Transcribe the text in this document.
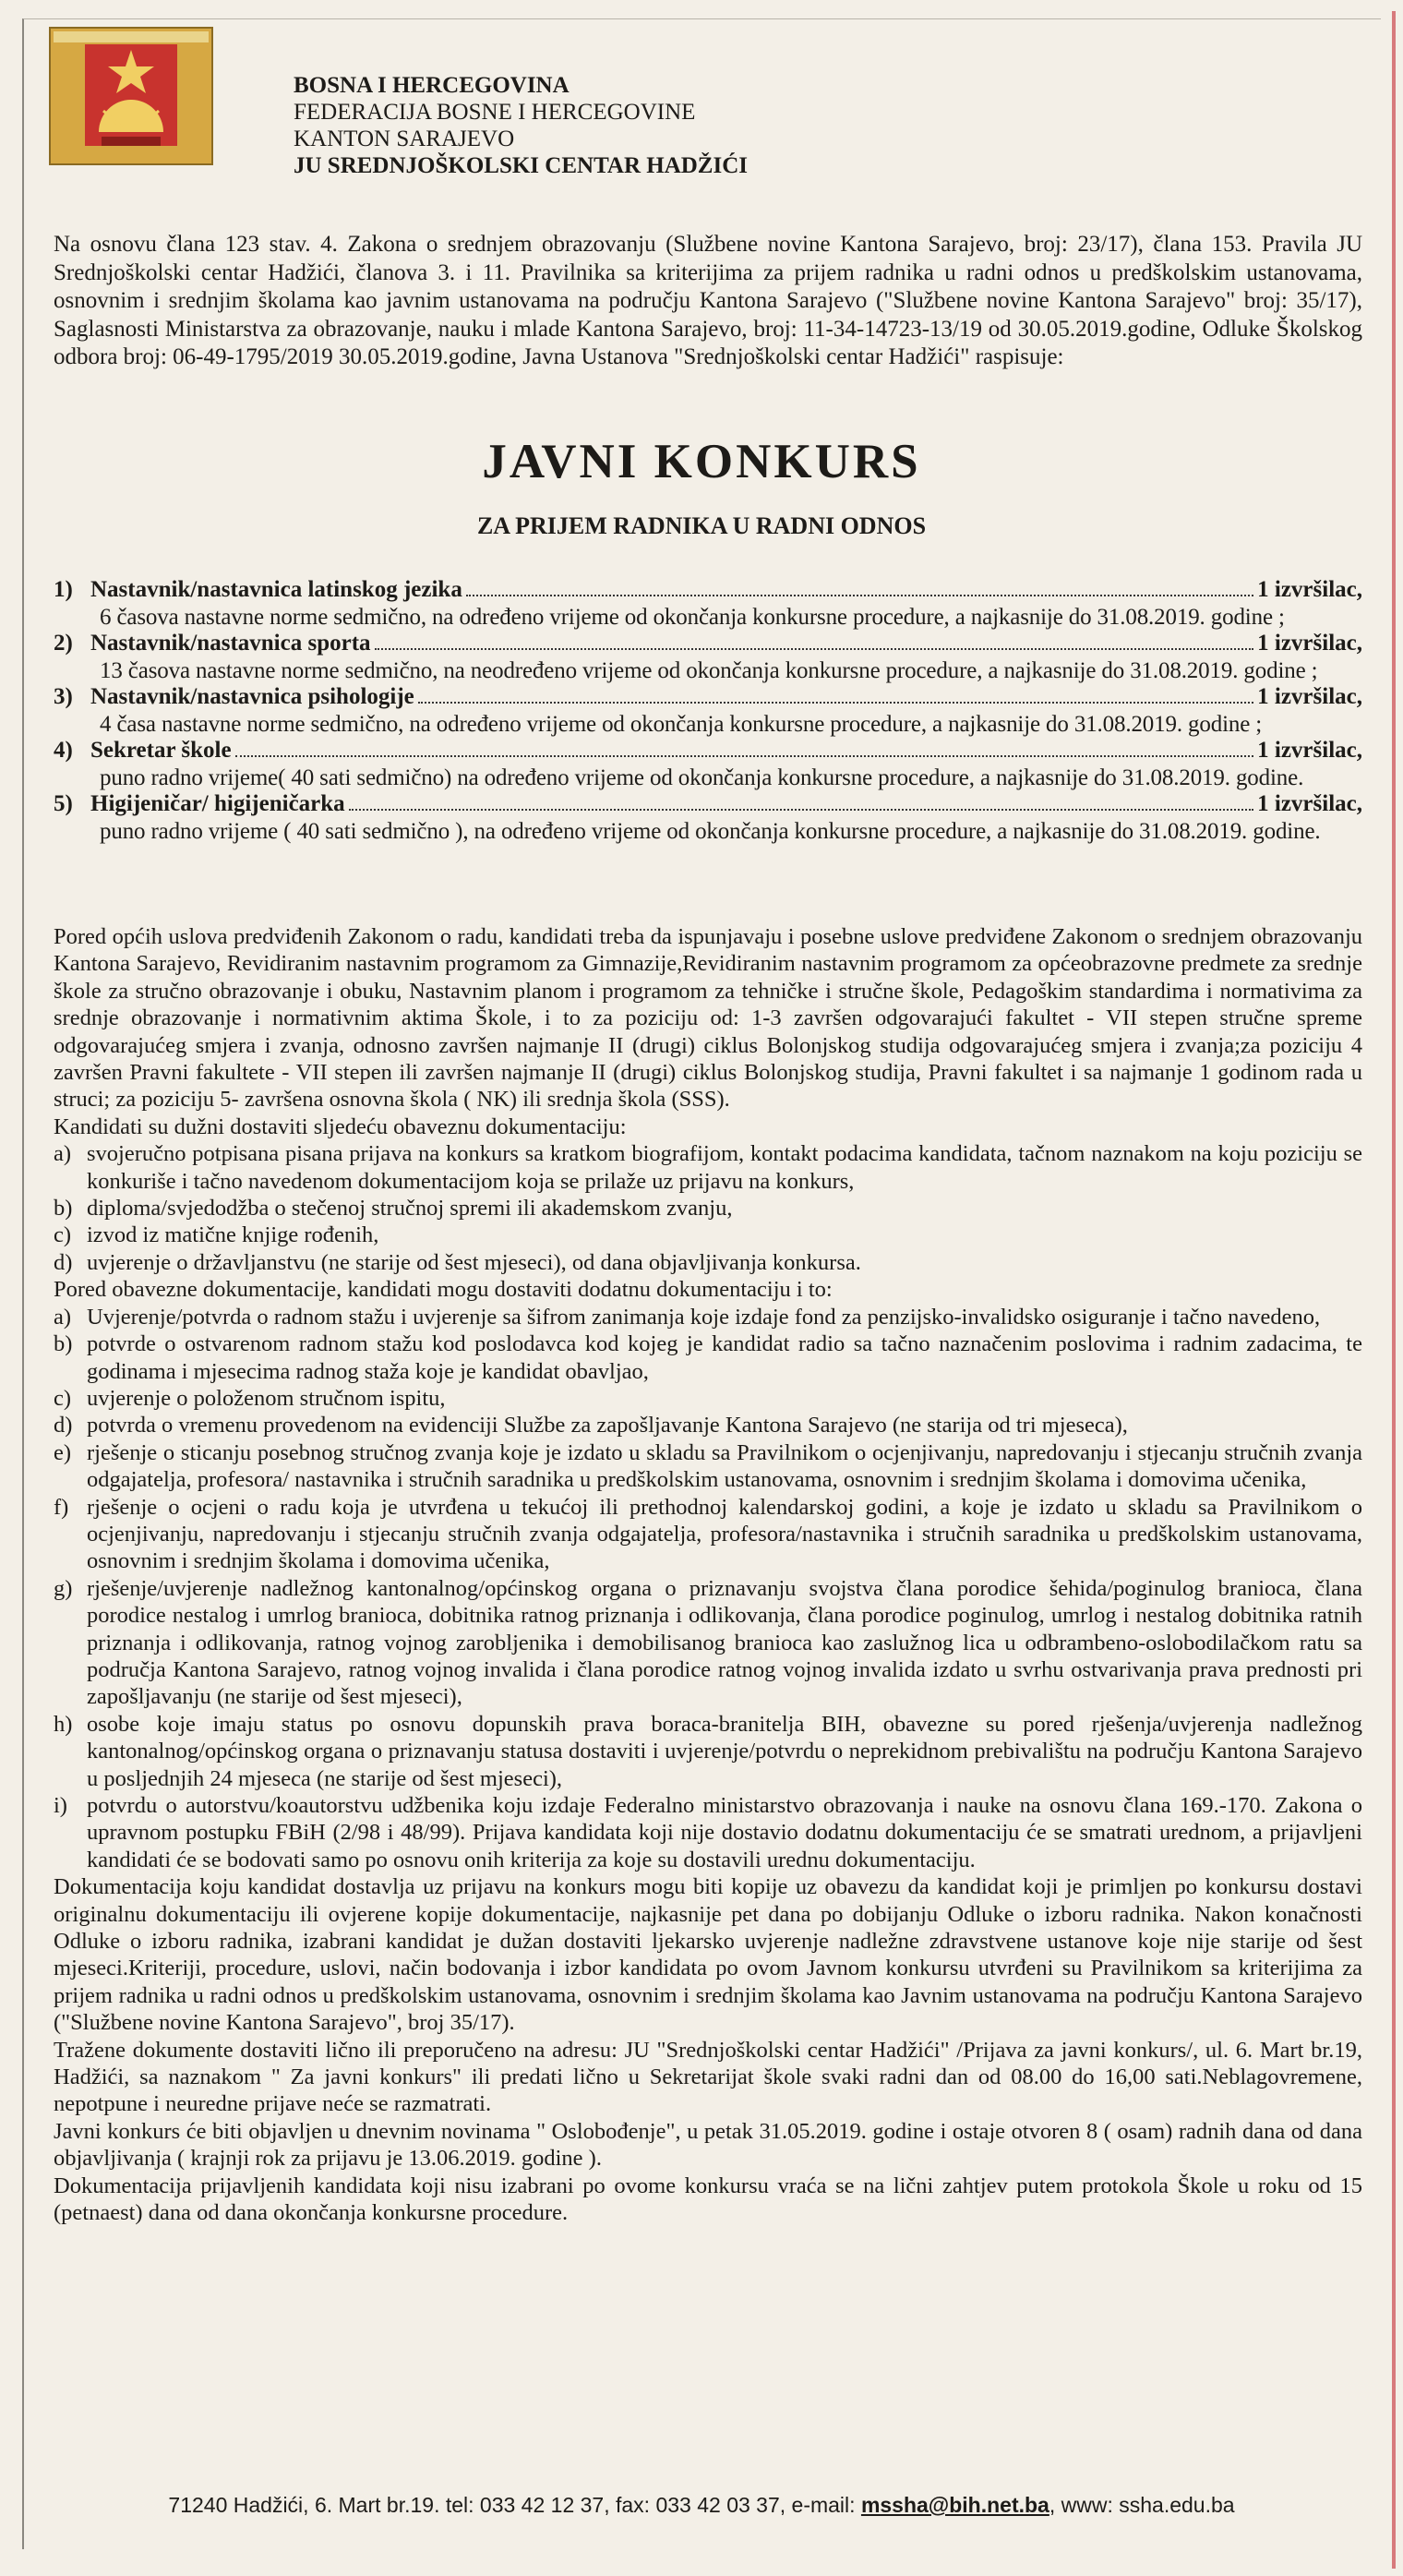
BOSNA I HERCEGOVINA
FEDERACIJA BOSNE I HERCEGOVINE
KANTON SARAJEVO
JU SREDNJOŠKOLSKI CENTAR HADŽIĆI
Na osnovu člana 123 stav. 4. Zakona o srednjem obrazovanju (Službene novine Kantona Sarajevo, broj: 23/17), člana 153. Pravila JU Srednjoškolski centar Hadžići, članova 3. i 11. Pravilnika sa kriterijima za prijem radnika u radni odnos u predškolskim ustanovama, osnovnim i srednjim školama kao javnim ustanovama na području Kantona Sarajevo ("Službene novine Kantona Sarajevo" broj: 35/17), Saglasnosti Ministarstva za obrazovanje, nauku i mlade Kantona Sarajevo, broj: 11-34-14723-13/19 od 30.05.2019.godine, Odluke Školskog odbora broj: 06-49-1795/2019 30.05.2019.godine, Javna Ustanova "Srednjoškolski centar Hadžići" raspisuje:
JAVNI KONKURS
ZA PRIJEM RADNIKA U RADNI ODNOS
1) Nastavnik/nastavnica latinskog jezika	1 izvršilac,
6 časova nastavne norme sedmično, na određeno vrijeme od okončanja konkursne procedure, a najkasnije do 31.08.2019. godine ;
2) Nastavnik/nastavnica sporta	1 izvršilac,
13 časova nastavne norme sedmično, na neodređeno vrijeme od okončanja konkursne procedure, a najkasnije do 31.08.2019. godine ;
3) Nastavnik/nastavnica psihologije	1 izvršilac,
4 časa nastavne norme sedmično, na određeno vrijeme od okončanja konkursne procedure, a najkasnije do 31.08.2019. godine ;
4) Sekretar škole	1 izvršilac,
puno radno vrijeme( 40 sati sedmično) na određeno vrijeme od okončanja konkursne procedure, a najkasnije do 31.08.2019. godine.
5) Higijeničar/ higijeničarka	1 izvršilac,
puno radno vrijeme ( 40 sati sedmično ), na određeno vrijeme od okončanja konkursne procedure, a najkasnije do 31.08.2019. godine.

Pored općih uslova predviđenih Zakonom o radu, kandidati treba da ispunjavaju i posebne uslove predviđene Zakonom o srednjem obrazovanju Kantona Sarajevo, Revidiranim nastavnim programom za Gimnazije,Revidiranim nastavnim programom za općeobrazovne predmete za srednje škole za stručno obrazovanje i obuku, Nastavnim planom i programom za tehničke i stručne škole, Pedagoškim standardima i normativima za srednje obrazovanje i normativnim aktima Škole, i to za poziciju od: 1-3 završen odgovarajući fakultet - VII stepen stručne spreme odgovarajućeg smjera i zvanja, odnosno završen najmanje II (drugi) ciklus Bolonjskog studija odgovarajućeg smjera i zvanja;za poziciju 4 završen Pravni fakultete - VII stepen ili završen najmanje II (drugi) ciklus Bolonjskog studija, Pravni fakultet i sa najmanje 1 godinom rada u struci; za poziciju 5- završena osnovna škola ( NK) ili srednja škola (SSS).

Kandidati su dužni dostaviti sljedeću obaveznu dokumentaciju:

a) svojeručno potpisana pisana prijava na konkurs sa kratkom biografijom, kontakt podacima kandidata, tačnom naznakom na koju poziciju se konkuriše i tačno navedenom dokumentacijom koja se prilaže uz prijavu na konkurs,
b) diploma/svjedodžba o stečenoj stručnoj spremi ili akademskom zvanju,
c) izvod iz matične knjige rođenih,
d) uvjerenje o državljanstvu (ne starije od šest mjeseci), od dana objavljivanja konkursa.

Pored obavezne dokumentacije, kandidati mogu dostaviti dodatnu dokumentaciju i to:

a) Uvjerenje/potvrda o radnom stažu i uvjerenje sa šifrom zanimanja koje izdaje fond za penzijsko-invalidsko osiguranje i tačno navedeno,
b) potvrde o ostvarenom radnom stažu kod poslodavca kod kojeg je kandidat radio sa tačno naznačenim poslovima i radnim zadacima, te godinama i mjesecima radnog staža koje je kandidat obavljao,
c) uvjerenje o položenom stručnom ispitu,
d) potvrda o vremenu provedenom na evidenciji Službe za zapošljavanje Kantona Sarajevo (ne starija od tri mjeseca),
e) rješenje o sticanju posebnog stručnog zvanja koje je izdato u skladu sa Pravilnikom o ocjenjivanju, napredovanju i stjecanju stručnih zvanja odgajatelja, profesora/ nastavnika i stručnih saradnika u predškolskim ustanovama, osnovnim i srednjim školama i domovima učenika,
f) rješenje o ocjeni o radu koja je utvrđena u tekućoj ili prethodnoj kalendarskoj godini, a koje je izdato u skladu sa Pravilnikom o ocjenjivanju, napredovanju i stjecanju stručnih zvanja odgajatelja, profesora/nastavnika i stručnih saradnika u predškolskim ustanovama, osnovnim i srednjim školama i domovima učenika,
g) rješenje/uvjerenje nadležnog kantonalnog/općinskog organa o priznavanju svojstva člana porodice šehida/poginulog branioca, člana porodice nestalog i umrlog branioca, dobitnika ratnog priznanja i odlikovanja, člana porodice poginulog, umrlog i nestalog dobitnika ratnih priznanja i odlikovanja, ratnog vojnog zarobljenika i demobilisanog branioca kao zaslužnog lica u odbrambeno-oslobodilačkom ratu sa područja Kantona Sarajevo, ratnog vojnog invalida i člana porodice ratnog vojnog invalida izdato u svrhu ostvarivanja prava prednosti pri zapošljavanju (ne starije od šest mjeseci),
h) osobe koje imaju status po osnovu dopunskih prava boraca-branitelja BIH, obavezne su pored rješenja/uvjerenja nadležnog kantonalnog/općinskog organa o priznavanju statusa dostaviti i uvjerenje/potvrdu o neprekidnom prebivalištu na području Kantona Sarajevo u posljednjih 24 mjeseca (ne starije od šest mjeseci),
i) potvrdu o autorstvu/koautorstvu udžbenika koju izdaje Federalno ministarstvo obrazovanja i nauke na osnovu člana 169.-170. Zakona o upravnom postupku FBiH (2/98 i 48/99). Prijava kandidata koji nije dostavio dodatnu dokumentaciju će se smatrati urednom, a prijavljeni kandidati će se bodovati samo po osnovu onih kriterija za koje su dostavili urednu dokumentaciju.

Dokumentacija koju kandidat dostavlja uz prijavu na konkurs mogu biti kopije uz obavezu da kandidat koji je primljen po konkursu dostavi originalnu dokumentaciju ili ovjerene kopije dokumentacije, najkasnije pet dana po dobijanju Odluke o izboru radnika. Nakon konačnosti Odluke o izboru radnika, izabrani kandidat je dužan dostaviti ljekarsko uvjerenje nadležne zdravstvene ustanove koje nije starije od šest mjeseci.Kriteriji, procedure, uslovi, način bodovanja i izbor kandidata po ovom Javnom konkursu utvrđeni su Pravilnikom sa kriterijima za prijem radnika u radni odnos u predškolskim ustanovama, osnovnim i srednjim školama kao Javnim ustanovama na području Kantona Sarajevo ("Službene novine Kantona Sarajevo", broj 35/17).

Tražene dokumente dostaviti lično ili preporučeno na adresu: JU "Srednjoškolski centar Hadžići" /Prijava za javni konkurs/, ul. 6. Mart br.19, Hadžići, sa naznakom " Za javni konkurs" ili predati lično u Sekretarijat škole svaki radni dan od 08.00 do 16,00 sati.Neblagovremene, nepotpune i neuredne prijave neće se razmatrati.

Javni konkurs će biti objavljen u dnevnim novinama " Oslobođenje", u petak 31.05.2019. godine i ostaje otvoren 8 ( osam) radnih dana od dana objavljivanja ( krajnji rok za prijavu je 13.06.2019. godine ).

Dokumentacija prijavljenih kandidata koji nisu izabrani po ovome konkursu vraća se na lični zahtjev putem protokola Škole u roku od 15 (petnaest) dana od dana okončanja konkursne procedure.

71240 Hadžići, 6. Mart br.19. tel: 033 42 12 37, fax: 033 42 03 37, e-mail: mssha@bih.net.ba, www: ssha.edu.ba
